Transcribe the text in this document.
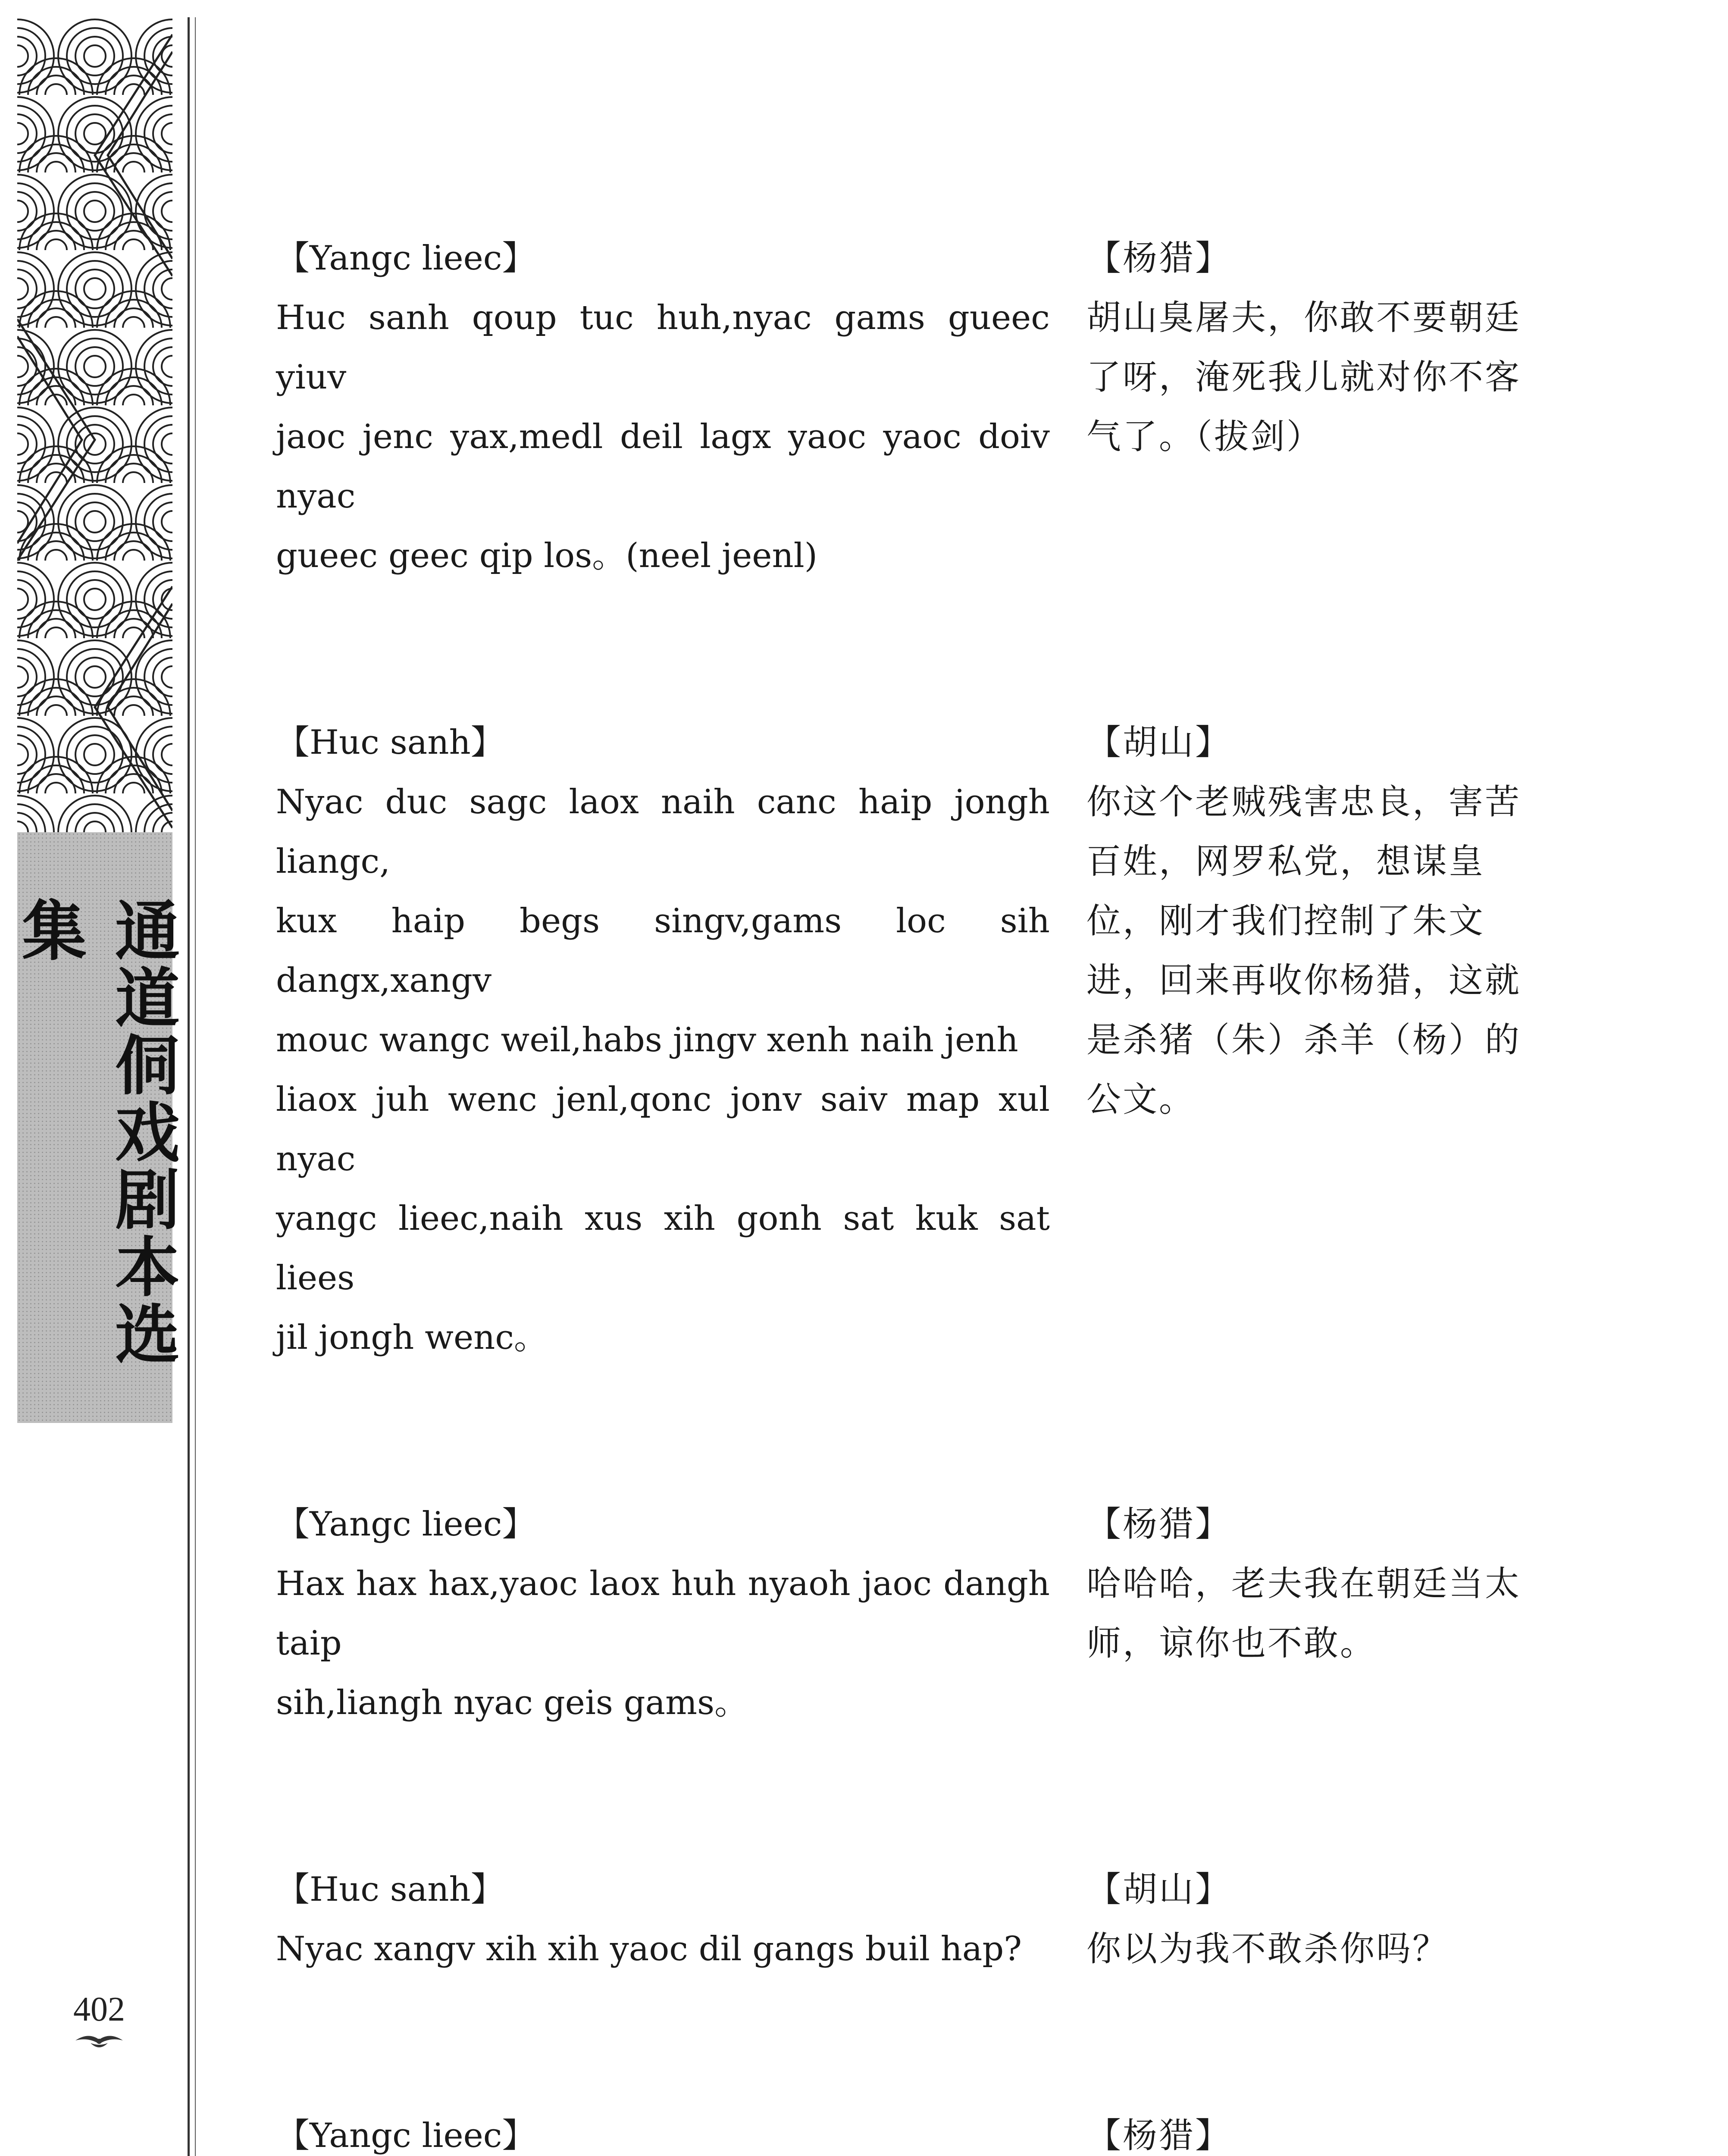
通道侗戏剧本选集
402
【Yangc lieec】
Huc sanh qoup tuc huh,nyac gams gueec yiuv
jaoc jenc yax,medl deil lagx yaoc yaoc doiv nyac
gueec geec qip los。(neel jeenl)
【杨猎】
胡山臭屠夫，你敢不要朝廷
了呀，淹死我儿就对你不客
气了。（拔剑）
【Huc sanh】
Nyac duc sagc laox naih canc haip jongh liangc,
kux haip begs singv,gams loc sih dangx,xangv
mouc wangc weil,habs jingv xenh naih jenh
liaox juh wenc jenl,qonc jonv saiv map xul nyac
yangc lieec,naih xus xih gonh sat kuk sat liees
jil jongh wenc。
【胡山】
你这个老贼残害忠良，害苦
百姓，网罗私党，想谋皇
位，刚才我们控制了朱文
进，回来再收你杨猎，这就
是杀猪（朱）杀羊（杨）的
公文。
【Yangc lieec】
Hax hax hax,yaoc laox huh nyaoh jaoc dangh taip
sih,liangh nyac geis gams。
【杨猎】
哈哈哈，老夫我在朝廷当太
师，谅你也不敢。
【Huc sanh】
Nyac xangv xih xih yaoc dil gangs buil hap?
【胡山】
你以为我不敢杀你吗？
【Yangc lieec】	【杨猎】
